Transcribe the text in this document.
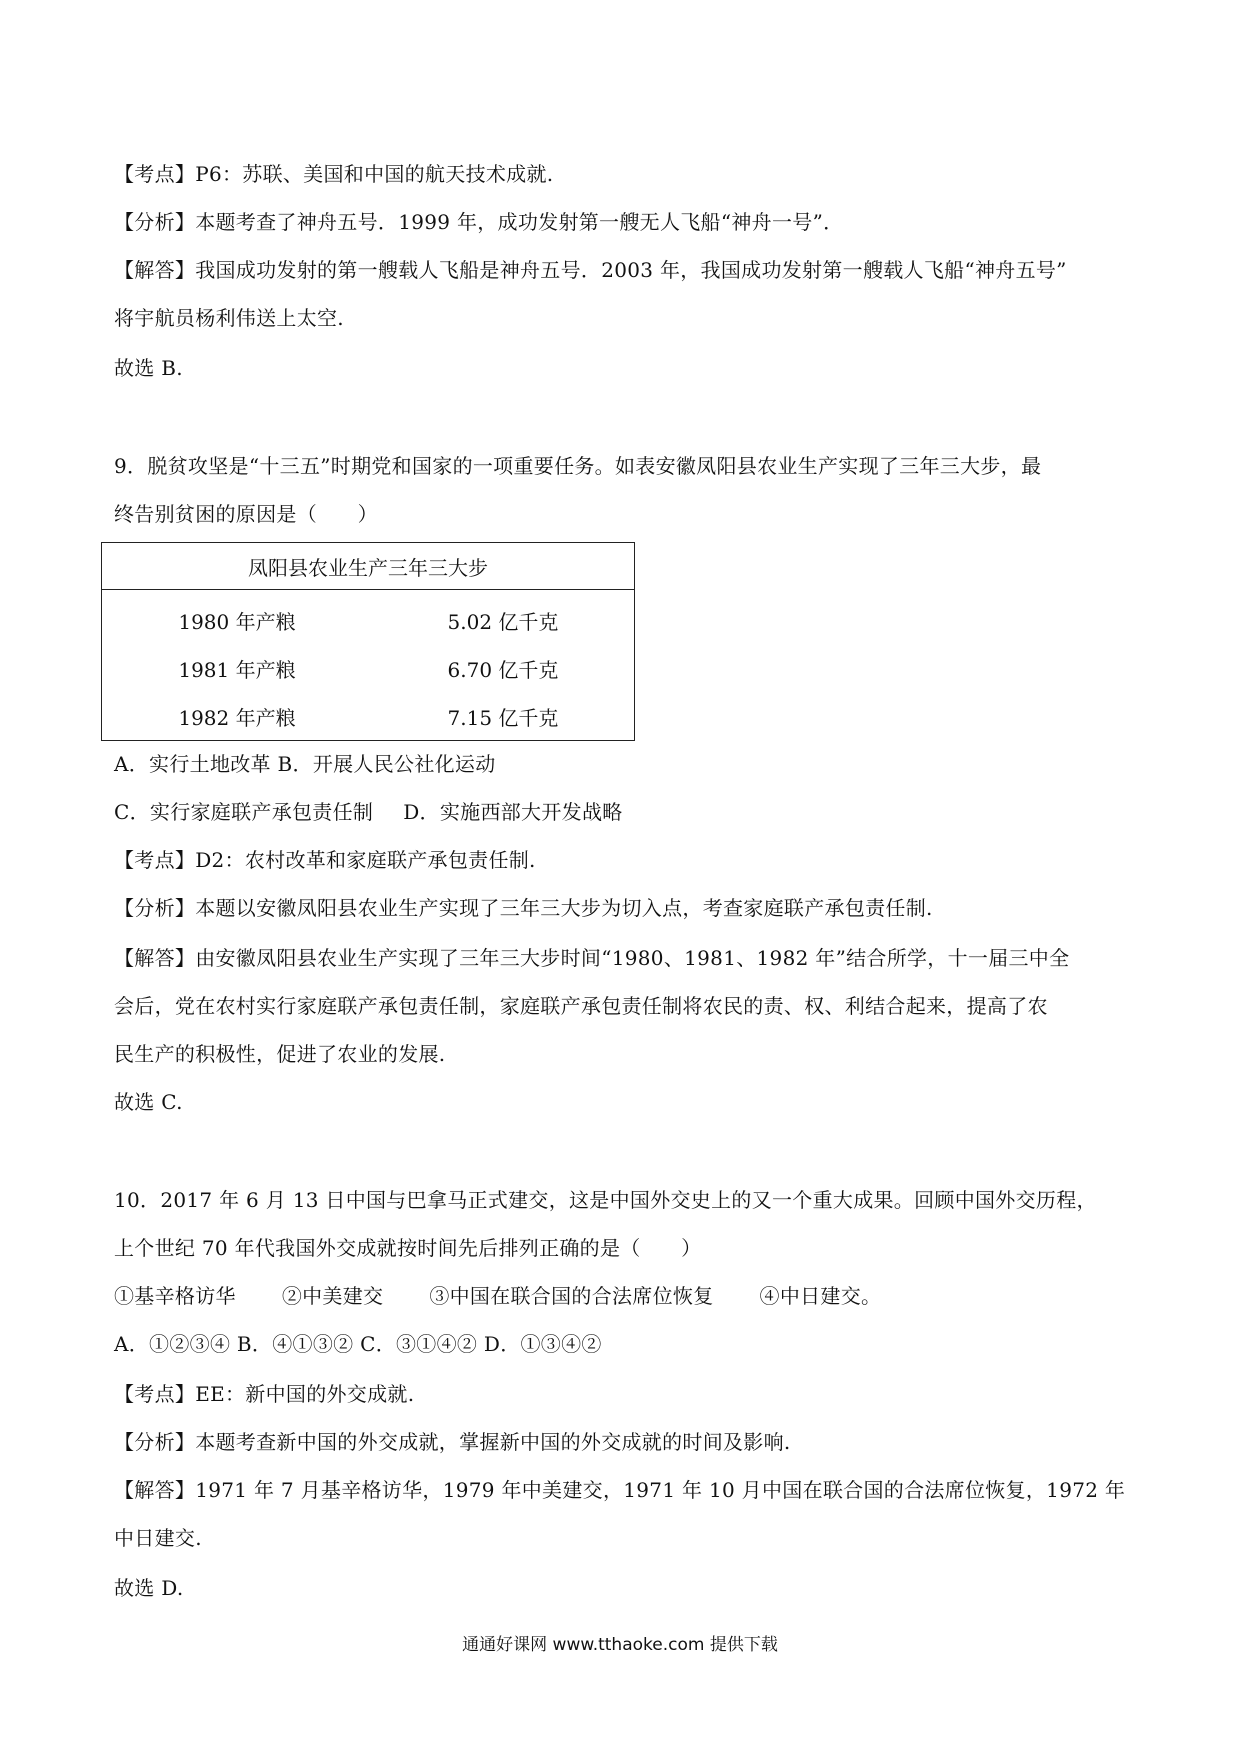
【考点】P6：苏联、美国和中国的航天技术成就.
【分析】本题考查了神舟五号．1999 年，成功发射第一艘无人飞船“神舟一号”．
【解答】我国成功发射的第一艘载人飞船是神舟五号．2003 年，我国成功发射第一艘载人飞船“神舟五号”
将宇航员杨利伟送上太空.
故选 B.
9．脱贫攻坚是“十三五”时期党和国家的一项重要任务。如表安徽凤阳县农业生产实现了三年三大步，最
终告别贫困的原因是（　　）
凤阳县农业生产三年三大步	
1980 年产粮	5.02 亿千克
1981 年产粮	6.70 亿千克
1982 年产粮	7.15 亿千克
A．实行土地改革 B．开展人民公社化运动
C．实行家庭联产承包责任制 D．实施西部大开发战略
【考点】D2：农村改革和家庭联产承包责任制.
【分析】本题以安徽凤阳县农业生产实现了三年三大步为切入点，考查家庭联产承包责任制.
【解答】由安徽凤阳县农业生产实现了三年三大步时间“1980、1981、1982 年”结合所学，十一届三中全
会后，党在农村实行家庭联产承包责任制，家庭联产承包责任制将农民的责、权、利结合起来，提高了农
民生产的积极性，促进了农业的发展.
故选 C.
10．2017 年 6 月 13 日中国与巴拿马正式建交，这是中国外交史上的又一个重大成果。回顾中国外交历程，
上个世纪 70 年代我国外交成就按时间先后排列正确的是（　　）
①基辛格访华 ②中美建交 ③中国在联合国的合法席位恢复 ④中日建交。
A．①②③④ B．④①③② C．③①④② D．①③④②
【考点】EE：新中国的外交成就.
【分析】本题考查新中国的外交成就，掌握新中国的外交成就的时间及影响.
【解答】1971 年 7 月基辛格访华，1979 年中美建交，1971 年 10 月中国在联合国的合法席位恢复，1972 年
中日建交.
故选 D.
通通好课网 www.tthaoke.com 提供下载
